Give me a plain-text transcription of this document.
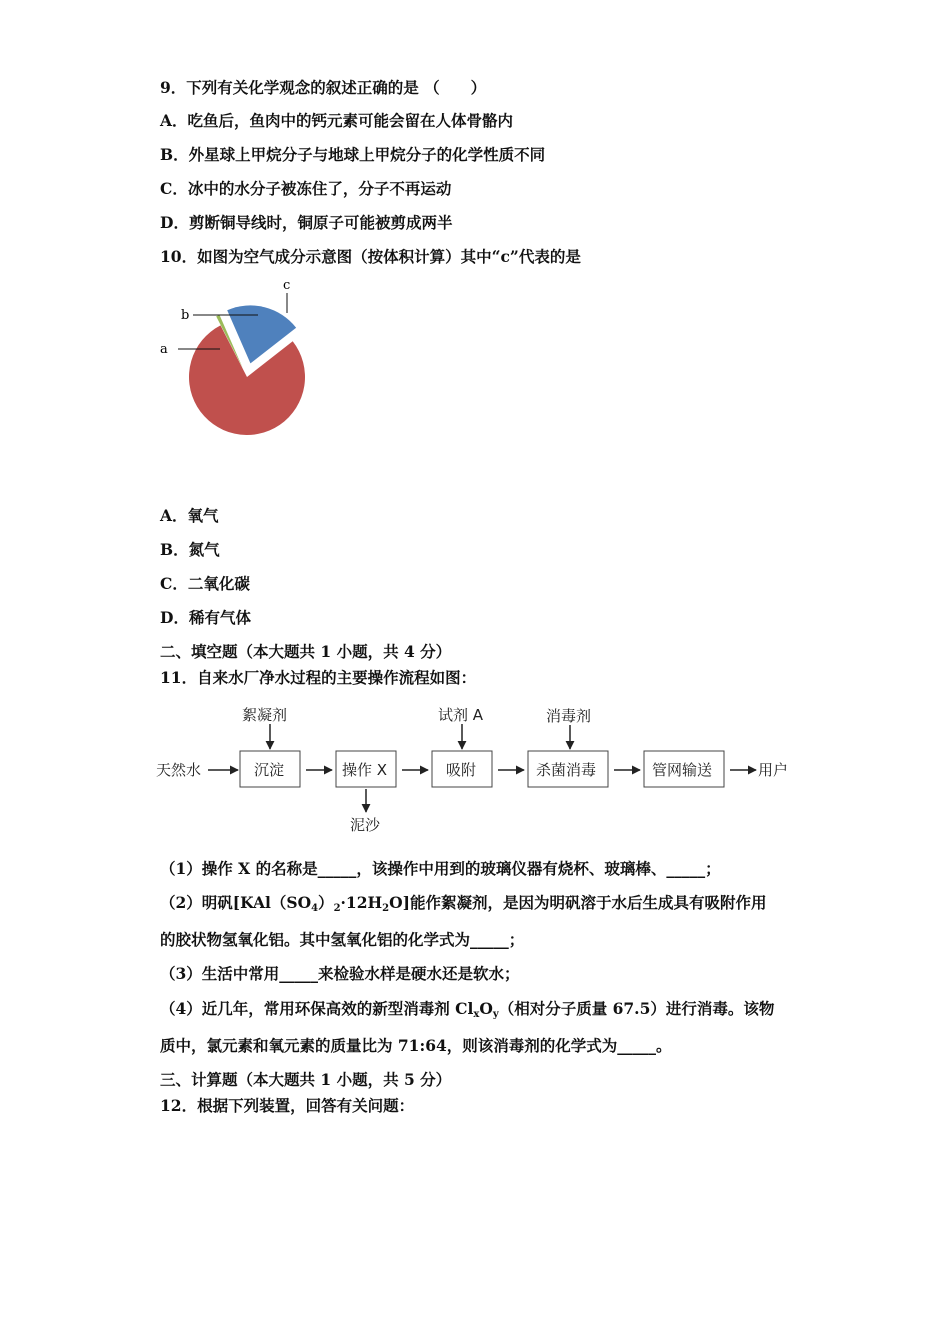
9．下列有关化学观念的叙述正确的是 （　　）
A．吃鱼后，鱼肉中的钙元素可能会留在人体骨骼内
B．外星球上甲烷分子与地球上甲烷分子的化学性质不同
C．冰中的水分子被冻住了，分子不再运动
D．剪断铜导线时，铜原子可能被剪成两半
10．如图为空气成分示意图（按体积计算）其中“c”代表的是
a
b
c
A．氧气
B．氮气
C．二氧化碳
D．稀有气体
二、填空题（本大题共 1 小题，共 4 分）
11．自来水厂净水过程的主要操作流程如图：
天然水	沉淀	操作 X	吸附	杀菌消毒	管网输送	用户
絮凝剂	试剂 A	消毒剂
泥沙
（1）操作 X 的名称是_____，该操作中用到的玻璃仪器有烧杯、玻璃棒、_____；
（2）明矾$[KAl(SO_4)_2\cdot 12H_2O]$能作絮凝剂，是因为明矾溶于水后生成具有吸附作用
的胶状物氢氧化铝。其中氢氧化铝的化学式为_____；
（3）生活中常用_____来检验水样是硬水还是软水；
（4）近几年，常用环保高效的新型消毒剂 $Cl_xO_y$（相对分子质量 67.5）进行消毒。该物
质中，氯元素和氧元素的质量比为 71:64，则该消毒剂的化学式为_____。
三、计算题（本大题共 1 小题，共 5 分）
12．根据下列装置，回答有关问题：
